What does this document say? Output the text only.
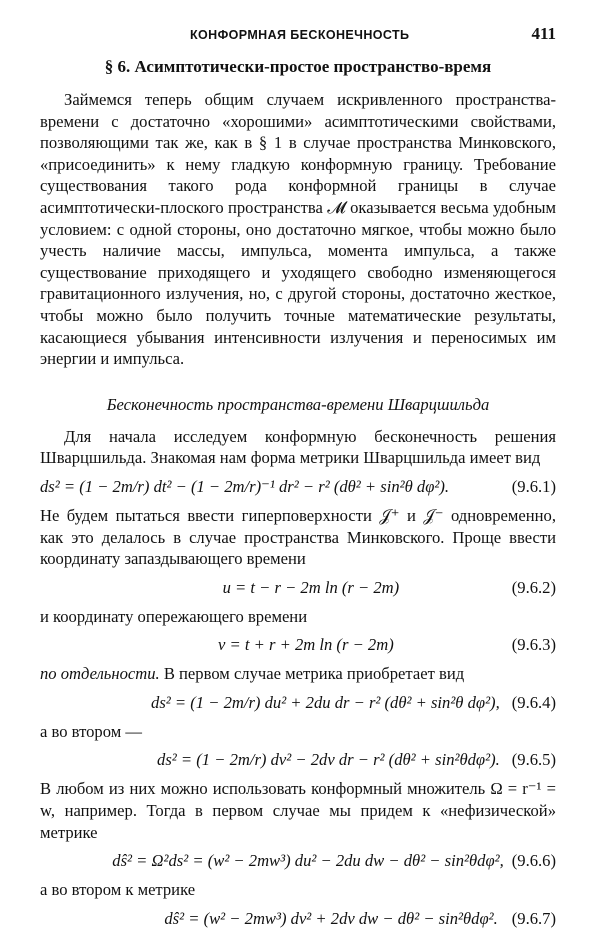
КОНФОРМНАЯ БЕСКОНЕЧНОСТЬ	411
§ 6. Асимптотически-простое пространство-время

Займемся теперь общим случаем искривленного пространства-времени с достаточно «хорошими» асимптотическими свойствами, позволяющими так же, как в § 1 в случае пространства Минковского, «присоединить» к нему гладкую конформную границу. Требование существования такого рода конформной границы в случае асимптотически-плоского пространства 𝓜 оказывается весьма удобным условием: с одной стороны, оно достаточно мягкое, чтобы можно было учесть наличие массы, импульса, момента импульса, а также существование приходящего и уходящего свободно изменяющегося гравитационного излучения, но, с другой стороны, достаточно жесткое, чтобы можно было получить точные математические результаты, касающиеся убывания интенсивности излучения и переносимых им энергии и импульса.

Бесконечность пространства-времени Шварцшильда

Для начала исследуем конформную бесконечность решения Шварцшильда. Знакомая нам форма метрики Шварцшильда имеет вид

ds² = (1 − 2m/r) dt² − (1 − 2m/r)⁻¹ dr² − r² (dθ² + sin²θ dφ²).	(9.6.1)

Не будем пытаться ввести гиперповерхности 𝒥⁺ и 𝒥⁻ одновременно, как это делалось в случае пространства Минковского. Проще ввести координату запаздывающего времени

u = t − r − 2m ln (r − 2m)	(9.6.2)

и координату опережающего времени

v = t + r + 2m ln (r − 2m)	(9.6.3)

по отдельности. В первом случае метрика приобретает вид

ds² = (1 − 2m/r) du² + 2du dr − r² (dθ² + sin²θ dφ²), (9.6.4)

а во втором —

ds² = (1 − 2m/r) dv² − 2dv dr − r² (dθ² + sin²θdφ²). (9.6.5)

В любом из них можно использовать конформный множитель Ω = r⁻¹ = w, например. Тогда в первом случае мы придем к «нефизической» метрике

dŝ² = Ω²ds² = (w² − 2mw³) du² − 2du dw − dθ² − sin²θdφ², (9.6.6)

а во втором к метрике

dŝ² = (w² − 2mw³) dv² + 2dv dw − dθ² − sin²θdφ². (9.6.7)
